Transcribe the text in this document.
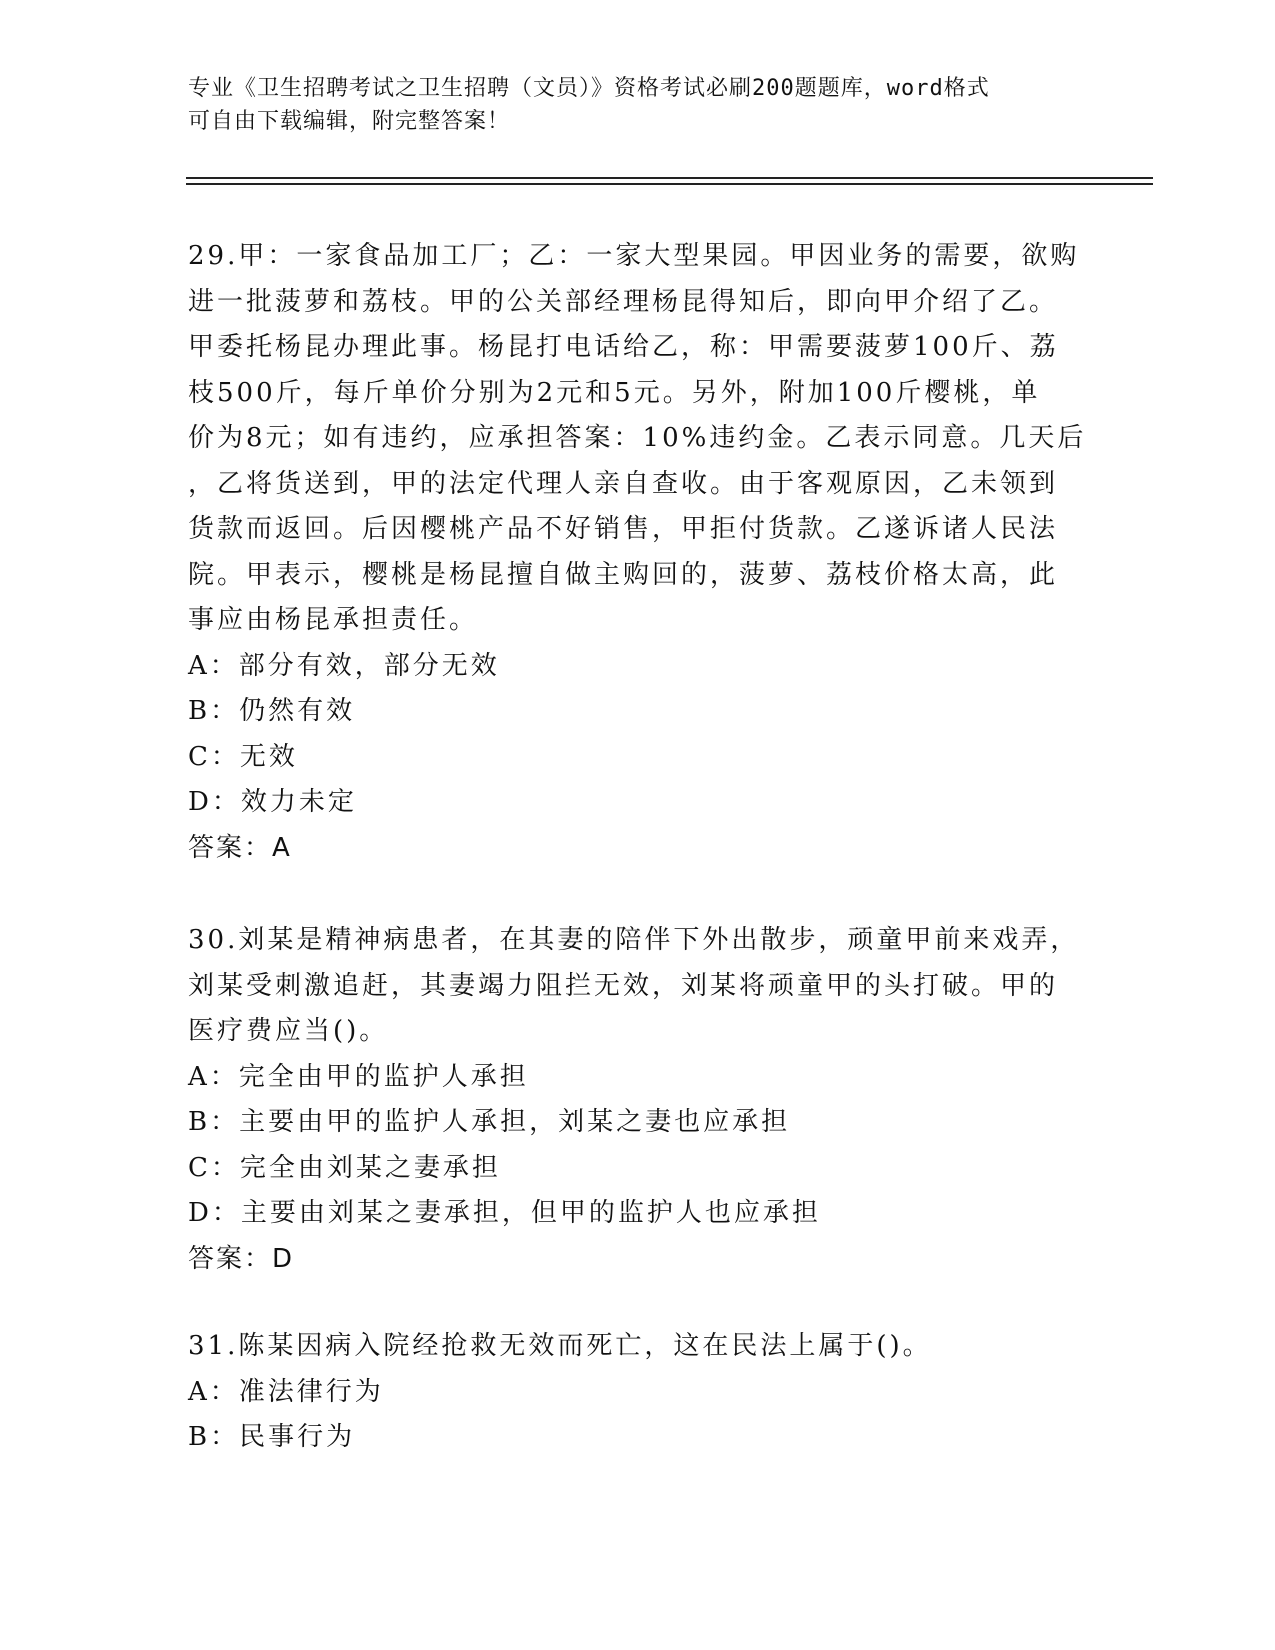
专业《卫生招聘考试之卫生招聘（文员）》资格考试必刷200题题库，word格式

可自由下载编辑，附完整答案！

29.甲：一家食品加工厂；乙：一家大型果园。甲因业务的需要，欲购

进一批菠萝和荔枝。甲的公关部经理杨昆得知后，即向甲介绍了乙。

甲委托杨昆办理此事。杨昆打电话给乙，称：甲需要菠萝100斤、荔

枝500斤，每斤单价分别为2元和5元。另外，附加100斤樱桃，单

价为8元；如有违约，应承担答案：10%违约金。乙表示同意。几天后

，乙将货送到，甲的法定代理人亲自查收。由于客观原因，乙未领到

货款而返回。后因樱桃产品不好销售，甲拒付货款。乙遂诉诸人民法

院。甲表示，樱桃是杨昆擅自做主购回的，菠萝、荔枝价格太高，此

事应由杨昆承担责任。

A：部分有效，部分无效

B：仍然有效

C：无效

D：效力未定

答案：A

30.刘某是精神病患者，在其妻的陪伴下外出散步，顽童甲前来戏弄，

刘某受刺激追赶，其妻竭力阻拦无效，刘某将顽童甲的头打破。甲的

医疗费应当()。

A：完全由甲的监护人承担

B：主要由甲的监护人承担，刘某之妻也应承担

C：完全由刘某之妻承担

D：主要由刘某之妻承担，但甲的监护人也应承担

答案：D

31.陈某因病入院经抢救无效而死亡，这在民法上属于()。

A：准法律行为

B：民事行为
